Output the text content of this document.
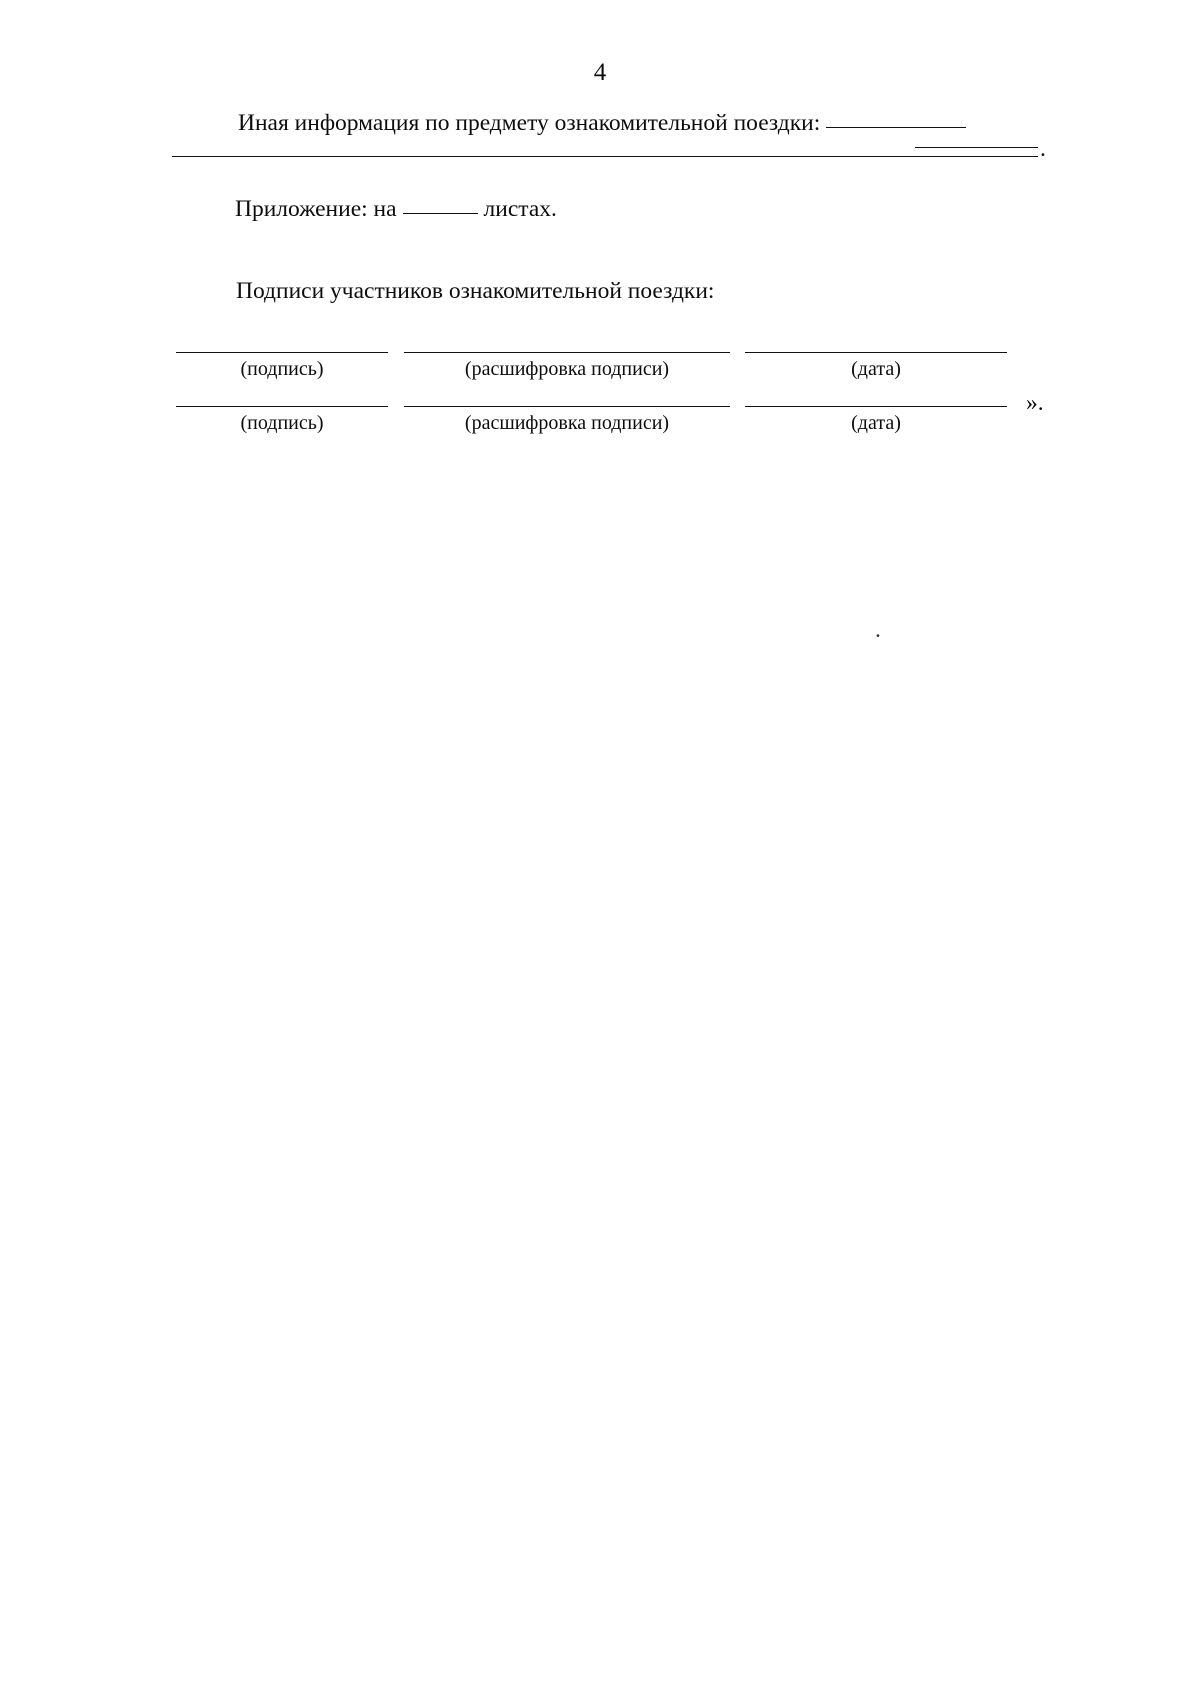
4
Иная информация по предмету ознакомительной поездки:
.
Приложение: на	листах.
Подписи участников ознакомительной поездки:
(подпись)	(расшифровка подписи)	(дата)
(подпись)	(расшифровка подписи)	(дата)
».
.
